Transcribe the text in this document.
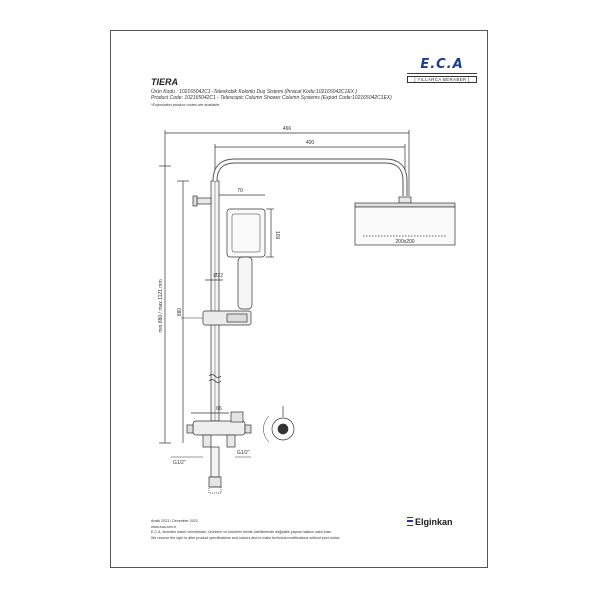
E.C.A
[ YILLARCA BERABER ]
TIERA
Ürün Kodu : 102165042C1 -Teleskobik Kolonlu Duş Sistemi (İhracat Kodu:102165042C1EX )
Product Code: 102165042C1 - Telescopic Column Shower Column Systems (Export Code:102165042C1EX)
*Exportation product codes are available.
466
400
70
200x200
Ø22
66
G1/2"
G1/2"
109
min 880 / max 1121 mm	880
Aralık 2023 / December 2023
www.eca.com.tr
E.C.A. önceden haber vermeksizin, ürünlerin ve ürünlerin teknik özelliklerinde değişiklik yapma hakkını saklı tutar.
We reserve the right to alter product specifications and colours and to make technical modifications without prior notice.
Elginkan
